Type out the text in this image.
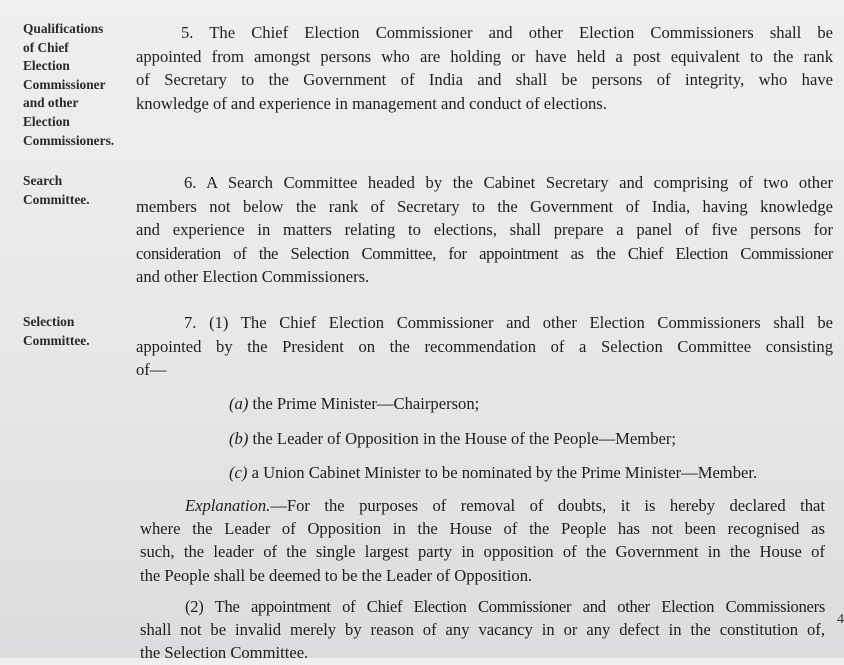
Qualifications
of Chief
Election
Commissioner
and other
Election
Commissioners.
5. The Chief Election Commissioner and other Election Commissioners shall be
appointed from amongst persons who are holding or have held a post equivalent to the rank
of Secretary to the Government of India and shall be persons of integrity, who have
knowledge of and experience in management and conduct of elections.
Search
Committee.
6. A Search Committee headed by the Cabinet Secretary and comprising of two other
members not below the rank of Secretary to the Government of India, having knowledge
and experience in matters relating to elections, shall prepare a panel of five persons for
consideration of the Selection Committee, for appointment as the Chief Election Commissioner
and other Election Commissioners.
Selection
Committee.
7. (1) The Chief Election Commissioner and other Election Commissioners shall be
appointed by the President on the recommendation of a Selection Committee consisting
of—
(a) the Prime Minister—Chairperson;
(b) the Leader of Opposition in the House of the People—Member;
(c) a Union Cabinet Minister to be nominated by the Prime Minister—Member.
Explanation.—For the purposes of removal of doubts, it is hereby declared that
where the Leader of Opposition in the House of the People has not been recognised as
such, the leader of the single largest party in opposition of the Government in the House of
the People shall be deemed to be the Leader of Opposition.
(2) The appointment of Chief Election Commissioner and other Election Commissioners
shall not be invalid merely by reason of any vacancy in or any defect in the constitution of,
the Selection Committee.
4
